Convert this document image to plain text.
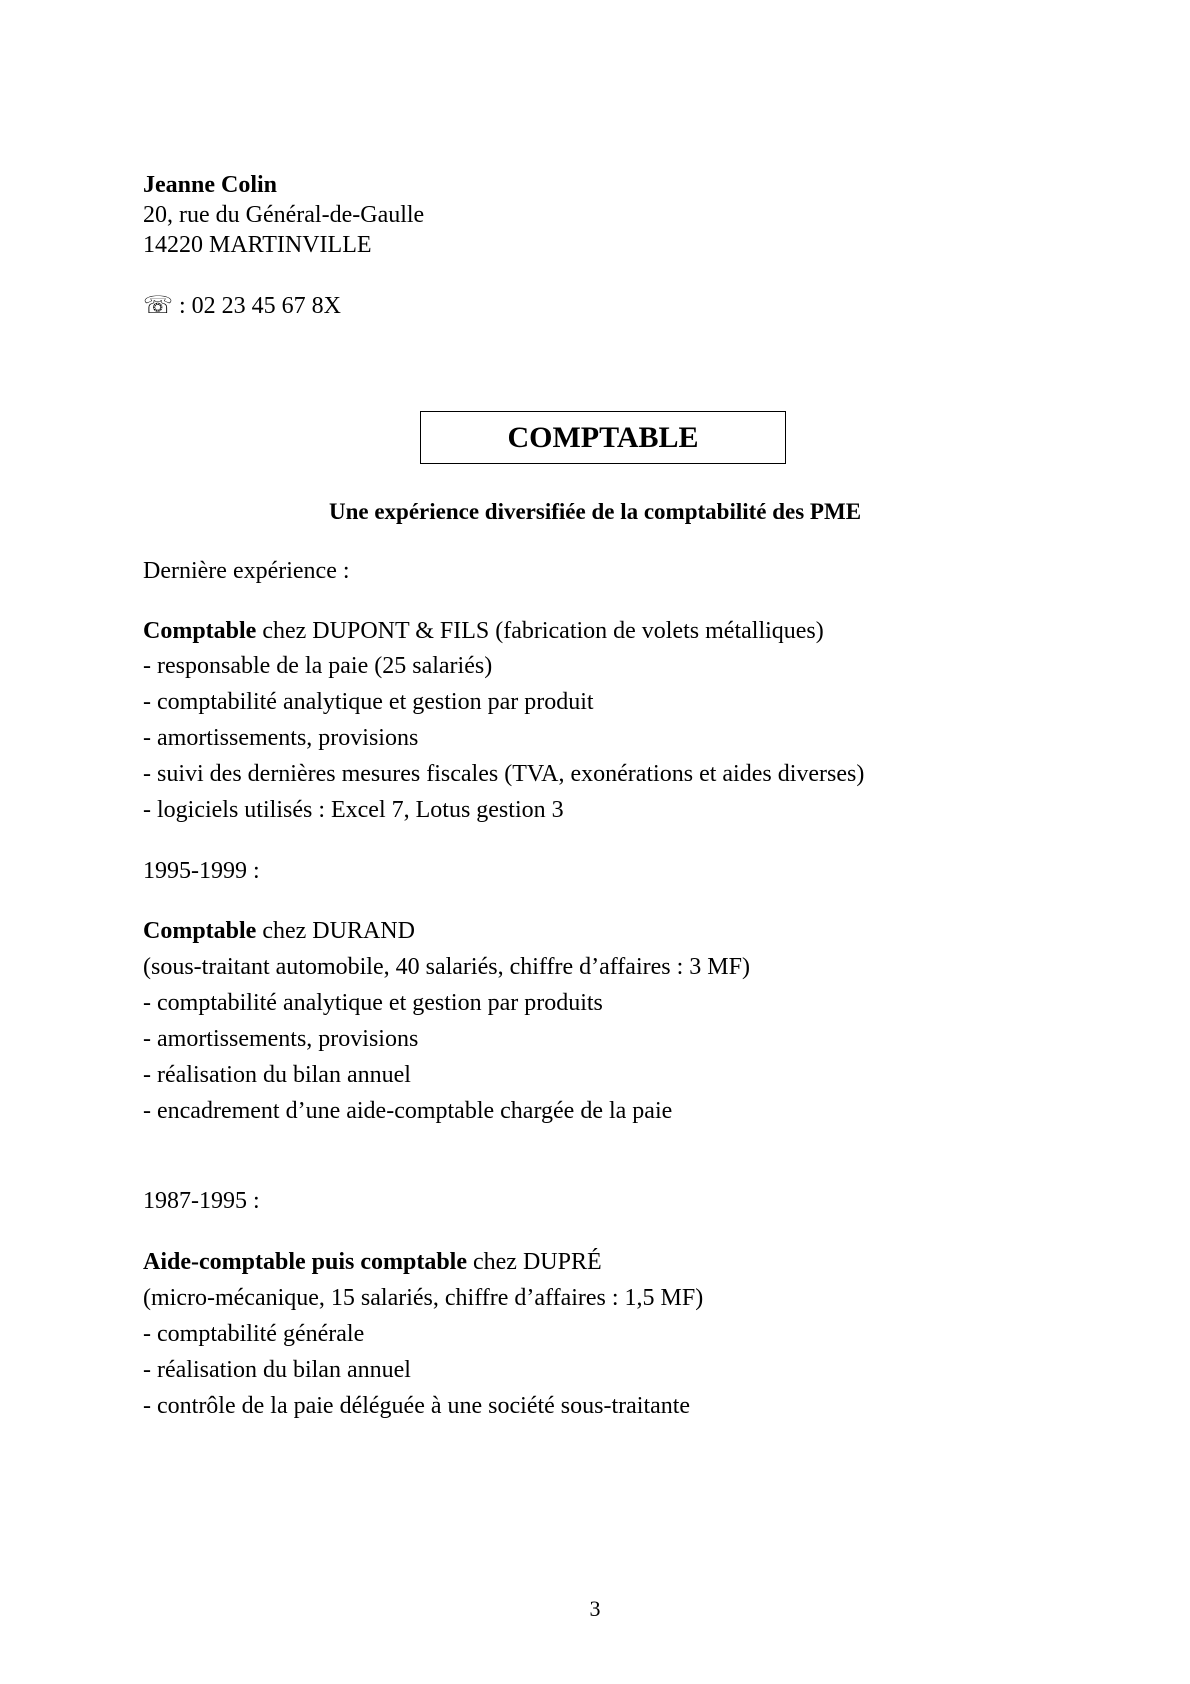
Jeanne Colin
20, rue du Général-de-Gaulle
14220 MARTINVILLE
☏ : 02 23 45 67 8X
COMPTABLE
Une expérience diversifiée de la comptabilité des PME
Dernière expérience :
Comptable chez DUPONT & FILS (fabrication de volets métalliques)
- responsable de la paie (25 salariés)
- comptabilité analytique et gestion par produit
- amortissements, provisions
- suivi des dernières mesures fiscales (TVA, exonérations et aides diverses)
- logiciels utilisés : Excel 7, Lotus gestion 3
1995-1999 :
Comptable chez DURAND
(sous-traitant automobile, 40 salariés, chiffre d’affaires : 3 MF)
- comptabilité analytique et gestion par produits
- amortissements, provisions
- réalisation du bilan annuel
- encadrement d’une aide-comptable chargée de la paie
1987-1995 :
Aide-comptable puis comptable chez DUPRÉ
(micro-mécanique, 15 salariés, chiffre d’affaires : 1,5 MF)
- comptabilité générale
- réalisation du bilan annuel
- contrôle de la paie déléguée à une société sous-traitante
3
